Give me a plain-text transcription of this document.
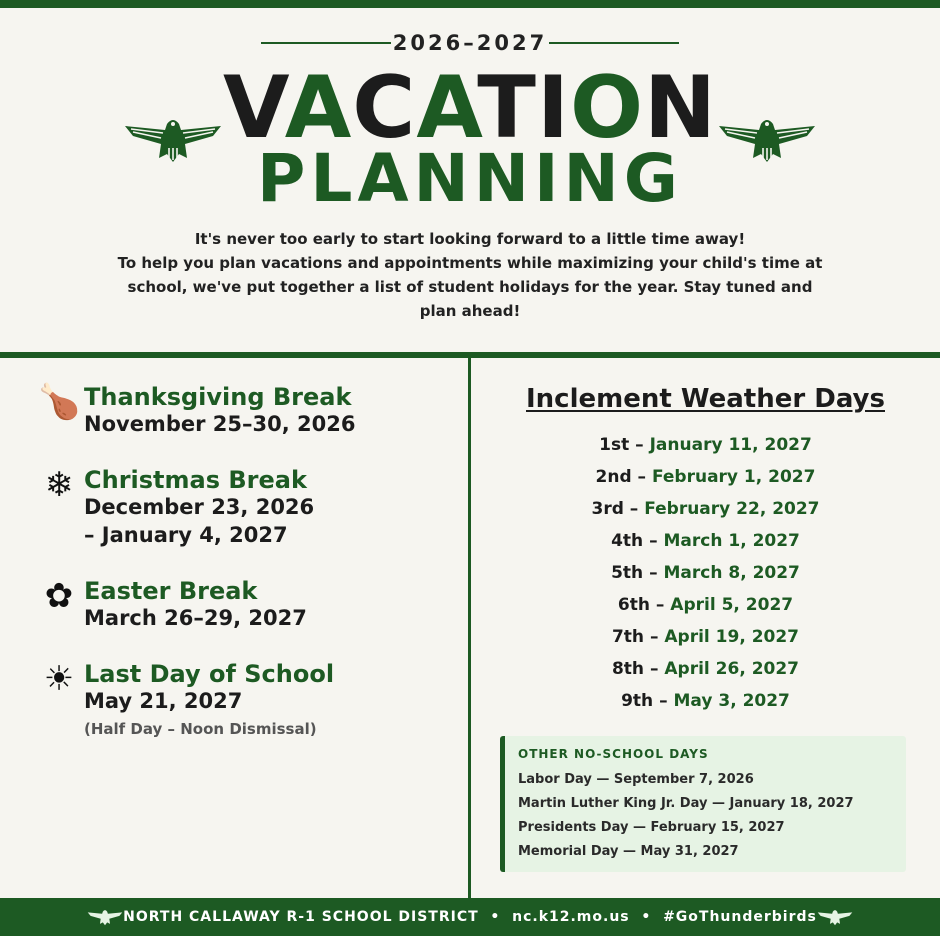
2026–2027
VACATION
PLANNING
It's never too early to start looking forward to a little time away!
To help you plan vacations and appointments while maximizing your child's time at school, we've put together a list of student holidays for the year. Stay tuned and plan ahead!
🍗 Thanksgiving Break
November 25–30, 2026
❄ Christmas Break
December 23, 2026
– January 4, 2027
✿ Easter Break
March 26–29, 2027
☀ Last Day of School
May 21, 2027
(Half Day – Noon Dismissal)
Inclement Weather Days
1st – January 11, 2027
2nd – February 1, 2027
3rd – February 22, 2027
4th – March 1, 2027
5th – March 8, 2027
6th – April 5, 2027
7th – April 19, 2027
8th – April 26, 2027
9th – May 3, 2027
OTHER NO-SCHOOL DAYS
Labor Day — September 7, 2026
Martin Luther King Jr. Day — January 18, 2027
Presidents Day — February 15, 2027
Memorial Day — May 31, 2027
NORTH CALLAWAY R-1 SCHOOL DISTRICT  •  nc.k12.mo.us  •  #GoThunderbirds
